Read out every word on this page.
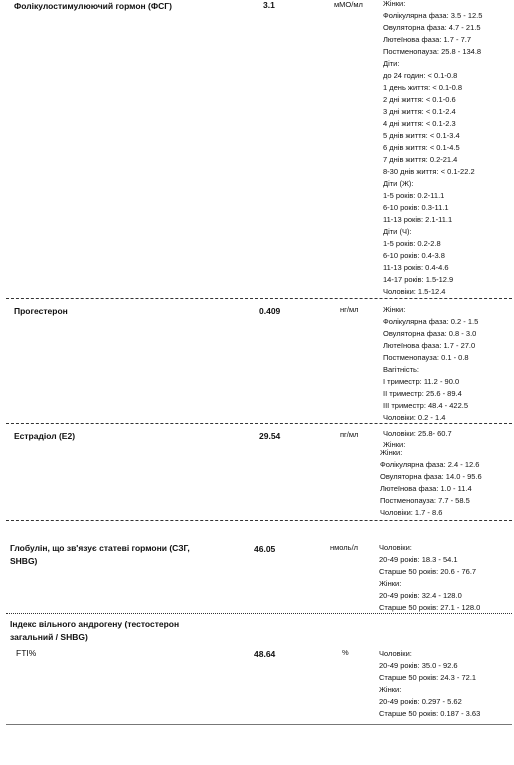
Фолікулостимулюючий гормон (ФСГ)	3.1	мМО/мл	Жінки:
Фолікулярна фаза: 3.5 - 12.5
Овуляторна фаза: 4.7 - 21.5
Лютеїнова фаза: 1.7 - 7.7
Постменопауза: 25.8 - 134.8
Діти:
до 24 годин: < 0.1-0.8
1 день життя: < 0.1-0.8
2 дні життя: < 0.1-0.6
3 дні життя: < 0.1-2.4
4 дні життя: < 0.1-2.3
5 днів життя: < 0.1-3.4
6 днів життя: < 0.1-4.5
7 днів життя: 0.2-21.4
8-30 днів життя: < 0.1-22.2
Діти (Ж):
1-5 років: 0.2-11.1
6-10 років: 0.3-11.1
11-13 років: 2.1-11.1
Діти (Ч):
1-5 років: 0.2-2.8
6-10 років: 0.4-3.8
11-13 років: 0.4-4.6
14-17 років: 1.5-12.9
Чоловіки: 1.5-12.4
Прогестерон	0.409	нг/мл	Жінки:
Фолікулярна фаза: 0.2 - 1.5
Овуляторна фаза: 0.8 - 3.0
Лютеїнова фаза: 1.7 - 27.0
Постменопауза: 0.1 - 0.8
Вагітність:
І триместр: 11.2 - 90.0
ІІ триместр: 25.6 - 89.4
ІІІ триместр: 48.4 - 422.5
Чоловіки: 0.2 - 1.4
Естрадіол (E2)	29.54	пг/мл	Чоловіки: 25.8- 60.7
Жінки:
Жінки:
Фолікулярна фаза: 2.4 - 12.6
Овуляторна фаза: 14.0 - 95.6
Лютеїнова фаза: 1.0 - 11.4
Постменопауза: 7.7 - 58.5
Чоловіки: 1.7 - 8.6
Глобулін, що зв'язує статеві гормони (СЗГ, SHBG)
46.05	нмоль/л	Чоловіки:
20-49 років: 18.3 - 54.1
Старше 50 років: 20.6 - 76.7
Жінки:
20-49 років: 32.4 - 128.0
Старше 50 років: 27.1 - 128.0
Індекс вільного андрогену (тестостерон загальний / SHBG)
FTI%	48.64	%	Чоловіки:
20-49 років: 35.0 - 92.6
Старше 50 років: 24.3 - 72.1
Жінки:
20-49 років: 0.297 - 5.62
Старше 50 років: 0.187 - 3.63
